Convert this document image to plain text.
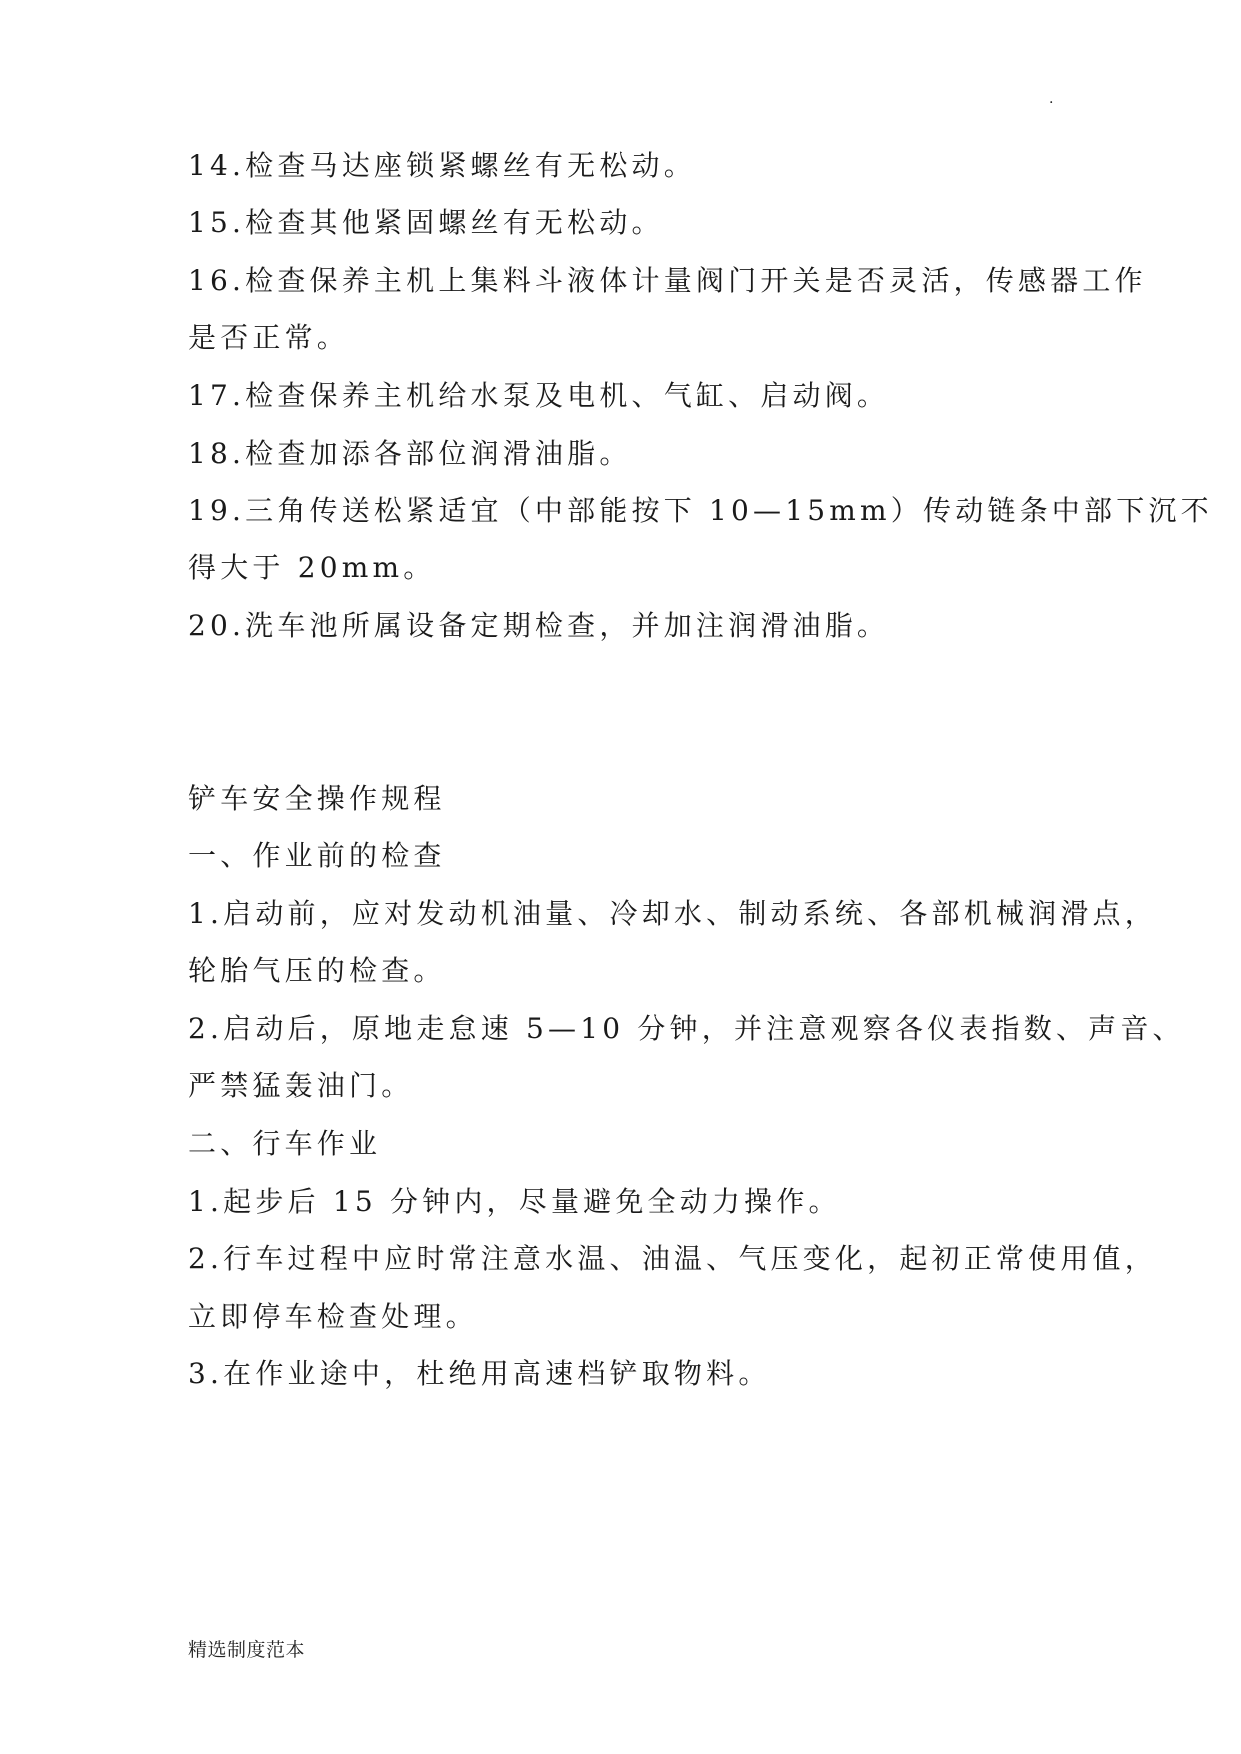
.
14.检查马达座锁紧螺丝有无松动。
15.检查其他紧固螺丝有无松动。
16.检查保养主机上集料斗液体计量阀门开关是否灵活，传感器工作
是否正常。
17.检查保养主机给水泵及电机、气缸、启动阀。
18.检查加添各部位润滑油脂。
19.三角传送松紧适宜（中部能按下 10—15mm）传动链条中部下沉不
得大于 20mm。
20.洗车池所属设备定期检查，并加注润滑油脂。
铲车安全操作规程
一、作业前的检查
1.启动前，应对发动机油量、冷却水、制动系统、各部机械润滑点，
轮胎气压的检查。
2.启动后，原地走怠速 5—10 分钟，并注意观察各仪表指数、声音、
严禁猛轰油门。
二、行车作业
1.起步后 15 分钟内，尽量避免全动力操作。
2.行车过程中应时常注意水温、油温、气压变化，起初正常使用值，
立即停车检查处理。
3.在作业途中，杜绝用高速档铲取物料。
精选制度范本
